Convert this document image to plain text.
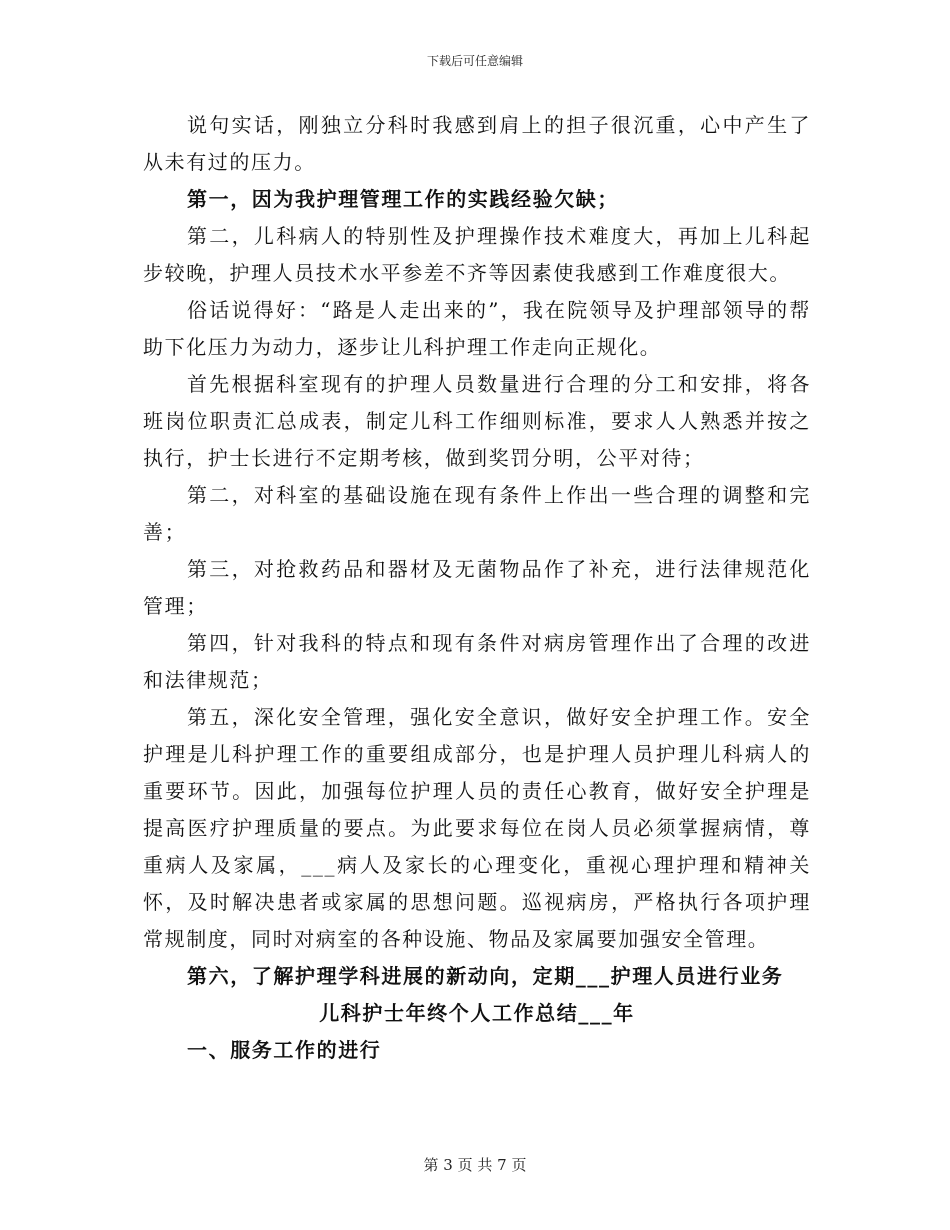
下载后可任意编辑

说句实话，刚独立分科时我感到肩上的担子很沉重，心中产生了从未有过的压力。

第一，因为我护理管理工作的实践经验欠缺；

第二，儿科病人的特别性及护理操作技术难度大，再加上儿科起步较晚，护理人员技术水平参差不齐等因素使我感到工作难度很大。

俗话说得好：“路是人走出来的”，我在院领导及护理部领导的帮助下化压力为动力，逐步让儿科护理工作走向正规化。

首先根据科室现有的护理人员数量进行合理的分工和安排，将各班岗位职责汇总成表，制定儿科工作细则标准，要求人人熟悉并按之执行，护士长进行不定期考核，做到奖罚分明，公平对待；

第二，对科室的基础设施在现有条件上作出一些合理的调整和完善；

第三，对抢救药品和器材及无菌物品作了补充，进行法律规范化管理；

第四，针对我科的特点和现有条件对病房管理作出了合理的改进和法律规范；

第五，深化安全管理，强化安全意识，做好安全护理工作。安全护理是儿科护理工作的重要组成部分，也是护理人员护理儿科病人的重要环节。因此，加强每位护理人员的责任心教育，做好安全护理是提高医疗护理质量的要点。为此要求每位在岗人员必须掌握病情，尊重病人及家属，___病人及家长的心理变化，重视心理护理和精神关怀，及时解决患者或家属的思想问题。巡视病房，严格执行各项护理常规制度，同时对病室的各种设施、物品及家属要加强安全管理。

第六，了解护理学科进展的新动向，定期___护理人员进行业务

儿科护士年终个人工作总结___年

一、服务工作的进行

第 3 页 共 7 页
